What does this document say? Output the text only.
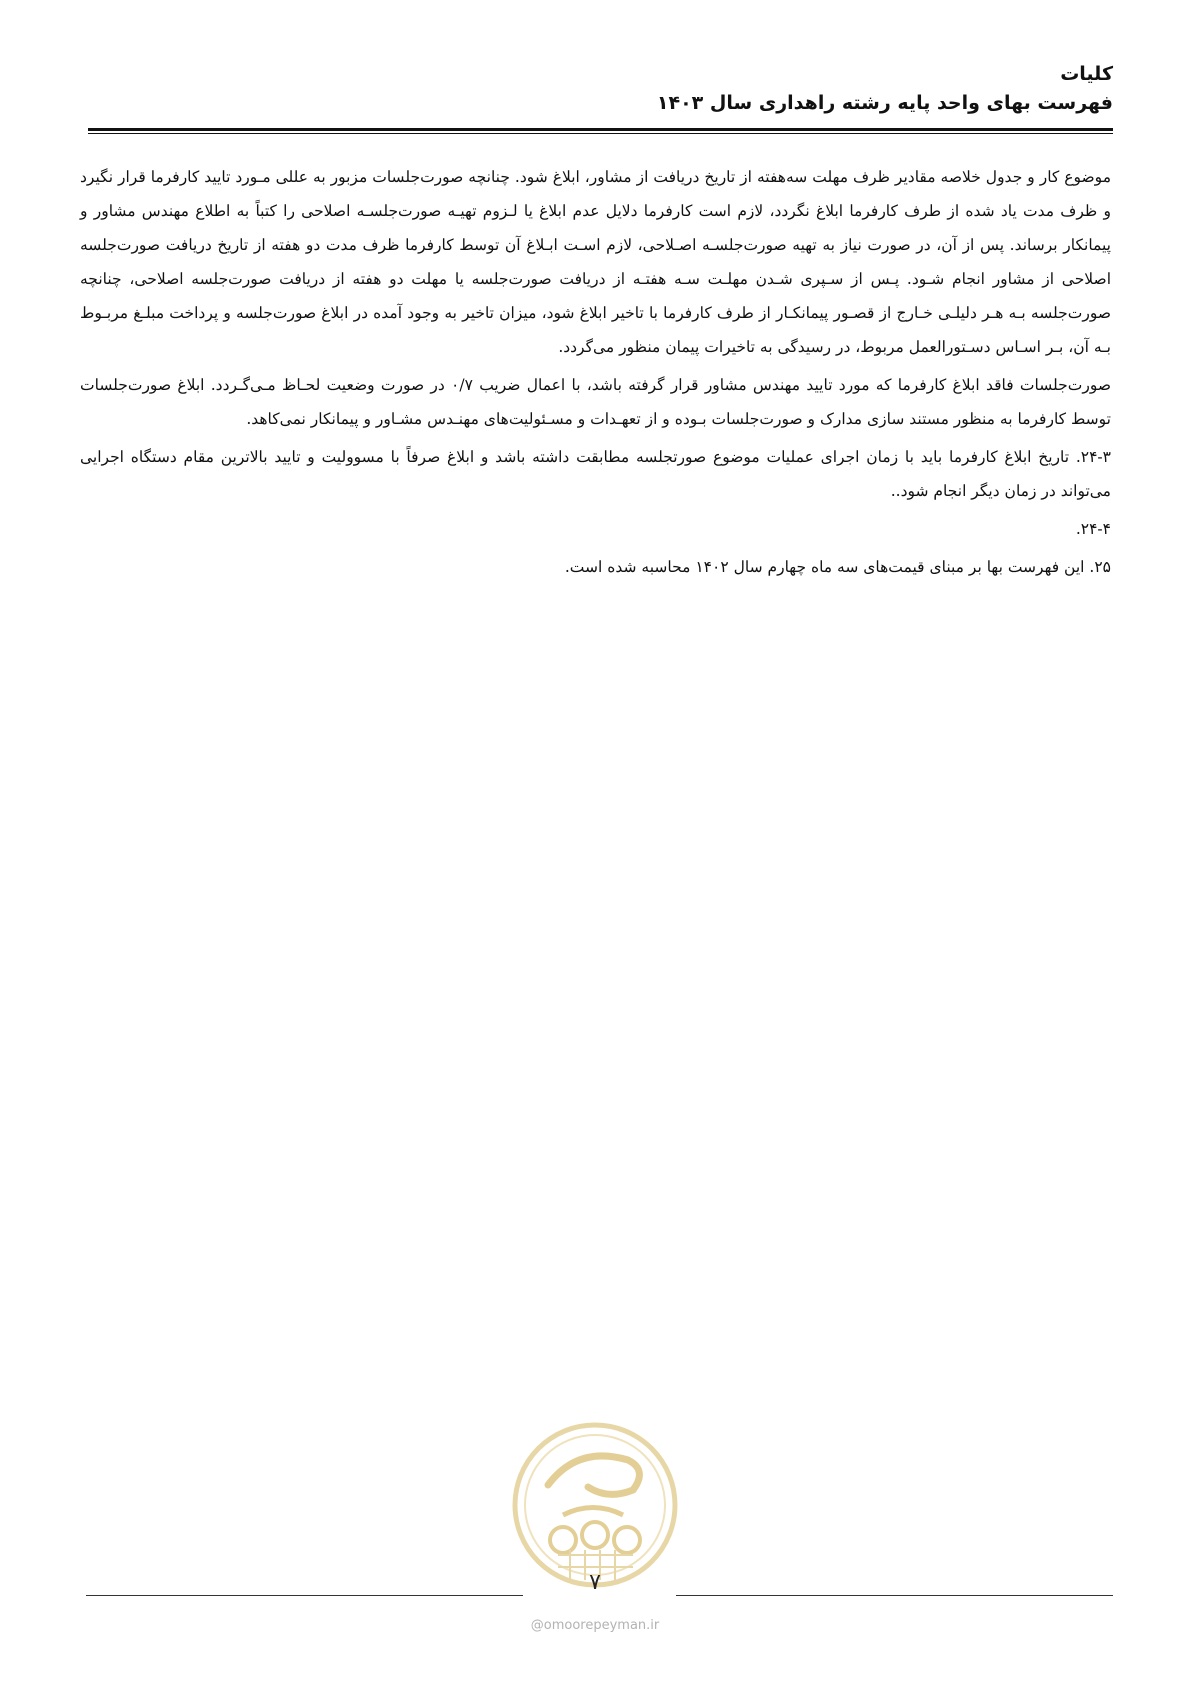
کلیات
فهرست بهای واحد پایه رشته راهداری سال ۱۴۰۳

موضوع کار و جدول خلاصه مقادیر ظرف مهلت سه‌هفته از تاریخ دریافت از مشاور، ابلاغ شود. چنانچه صورت‌جلسات مزبور به عللی مـورد تایید کارفرما قرار نگیرد و ظرف مدت یاد شده از طرف کارفرما ابلاغ نگردد، لازم است کارفرما دلایل عدم ابلاغ یا لـزوم تهیـه صورت‌جلسـه اصلاحی را کتباً به اطلاع مهندس مشاور و پیمانکار برساند. پس از آن، در صورت نیاز به تهیه صورت‌جلسـه اصـلاحی، لازم اسـت ابـلاغ آن توسط کارفرما ظرف مدت دو هفته از تاریخ دریافت صورت‌جلسه اصلاحی از مشاور انجام شـود. پـس از سـپری شـدن مهلـت سـه هفتـه از دریافت صورت‌جلسه یا مهلت دو هفته از دریافت صورت‌جلسه اصلاحی، چنانچه صورت‌جلسه بـه هـر دلیلـی خـارج از قصـور پیمانکـار از طرف کارفرما با تاخیر ابلاغ شود، میزان تاخیر به وجود آمده در ابلاغ صورت‌جلسه و پرداخت مبلـغ مربـوط بـه آن، بـر اسـاس دسـتورالعمل مربوط، در رسیدگی به تاخیرات پیمان منظور می‌گردد.

صورت‌جلسات فاقد ابلاغ کارفرما که مورد تایید مهندس مشاور قرار گرفته باشد، با اعمال ضریب ۰/۷ در صورت وضعیت لحـاظ مـی‌گـردد. ابلاغ صورت‌جلسات توسط کارفرما به منظور مستند سازی مدارک و صورت‌جلسات بـوده و از تعهـدات و مسـئولیت‌های مهنـدس مشـاور و پیمانکار نمی‌کاهد.

۲۴-۳. تاریخ ابلاغ کارفرما باید با زمان اجرای عملیات موضوع صورتجلسه مطابقت داشته باشد و ابلاغ صرفاً با مسوولیت و تایید بالاترین مقام دستگاه اجرایی می‌تواند در زمان دیگر انجام شود..

۲۴-۴.

۲۵. این فهرست بها بر مبنای قیمت‌های سه ماه چهارم سال ۱۴۰۲ محاسبه شده است.

۷
@omoorepeyman.ir
